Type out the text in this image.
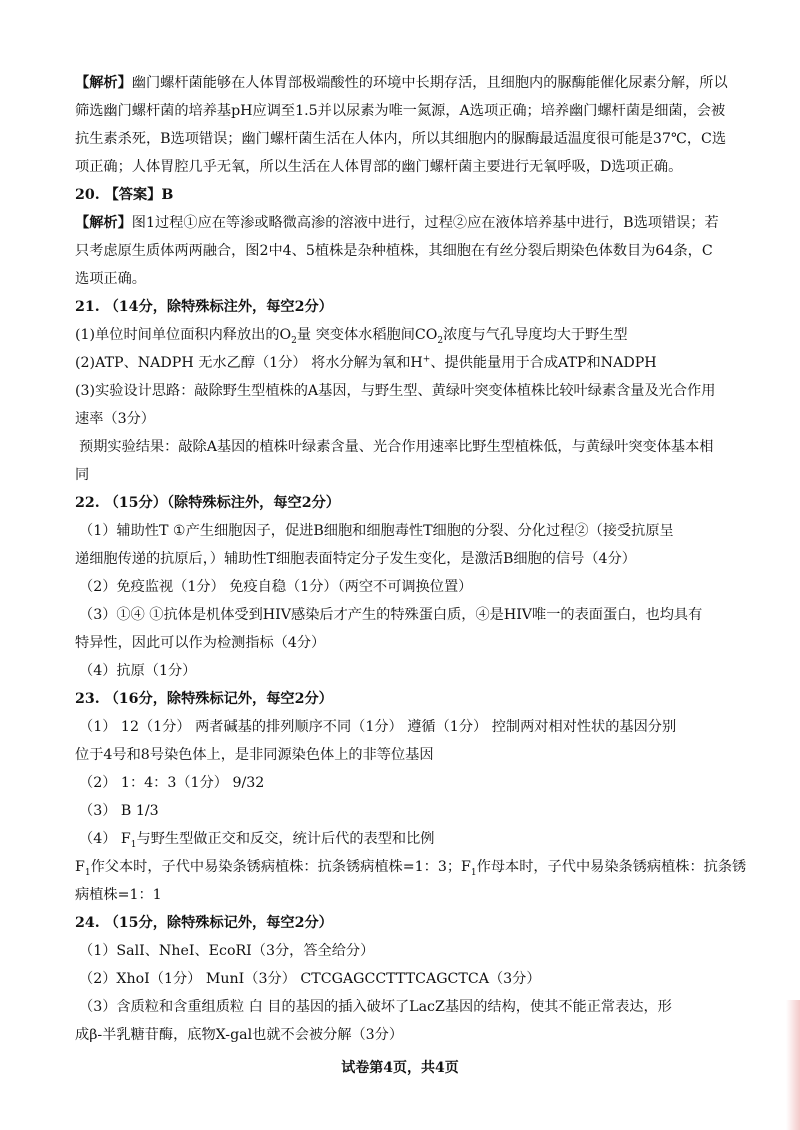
【解析】幽门螺杆菌能够在人体胃部极端酸性的环境中长期存活，且细胞内的脲酶能催化尿素分解，所以
筛选幽门螺杆菌的培养基pH应调至1.5并以尿素为唯一氮源，A选项正确；培养幽门螺杆菌是细菌，会被
抗生素杀死，B选项错误；幽门螺杆菌生活在人体内，所以其细胞内的脲酶最适温度很可能是37℃，C选
项正确；人体胃腔几乎无氧，所以生活在人体胃部的幽门螺杆菌主要进行无氧呼吸，D选项正确。
20. 【答案】B
【解析】图1过程①应在等渗或略微高渗的溶液中进行，过程②应在液体培养基中进行，B选项错误；若
只考虑原生质体两两融合，图2中4、5植株是杂种植株，其细胞在有丝分裂后期染色体数目为64条，C
选项正确。
21. （14分，除特殊标注外，每空2分）
(1)单位时间单位面积内释放出的$O_2$量 突变体水稻胞间$CO_2$浓度与气孔导度均大于野生型
(2)ATP、NADPH 无水乙醇（1分） 将水分解为氧和H+、提供能量用于合成ATP和NADPH
(3)实验设计思路：敲除野生型植株的A基因，与野生型、黄绿叶突变体植株比较叶绿素含量及光合作用
速率（3分）
预期实验结果：敲除A基因的植株叶绿素含量、光合作用速率比野生型植株低，与黄绿叶突变体基本相
同
22. （15分）（除特殊标注外，每空2分）
（1）辅助性T ①产生细胞因子，促进B细胞和细胞毒性T细胞的分裂、分化过程②（接受抗原呈
递细胞传递的抗原后，）辅助性T细胞表面特定分子发生变化，是激活B细胞的信号（4分）
（2）免疫监视（1分） 免疫自稳（1分）（两空不可调换位置）
（3）①④ ①抗体是机体受到HIV感染后才产生的特殊蛋白质，④是HIV唯一的表面蛋白，也均具有
特异性，因此可以作为检测指标（4分）
（4）抗原（1分）
23. （16分，除特殊标记外，每空2分）
（1） 12（1分） 两者碱基的排列顺序不同（1分） 遵循（1分） 控制两对相对性状的基因分别
位于4号和8号染色体上，是非同源染色体上的非等位基因
（2） 1：4：3（1分） 9/32
（3） B 1/3
（4） $F_1$与野生型做正交和反交，统计后代的表型和比例
$F_1$作父本时，子代中易染条锈病植株：抗条锈病植株=1：3；$F_1$作母本时，子代中易染条锈病植株：抗条锈
病植株=1：1
24. （15分，除特殊标记外，每空2分）
（1）SalⅠ、NheⅠ、EcoRⅠ（3分，答全给分）
（2）XhoⅠ（1分） MunⅠ（3分） CTCGAGCCTTTCAGCTCA（3分）
（3）含质粒和含重组质粒 白 目的基因的插入破坏了LacZ基因的结构，使其不能正常表达，形
成β-半乳糖苷酶，底物X-gal也就不会被分解（3分）
试卷第4页，共4页
